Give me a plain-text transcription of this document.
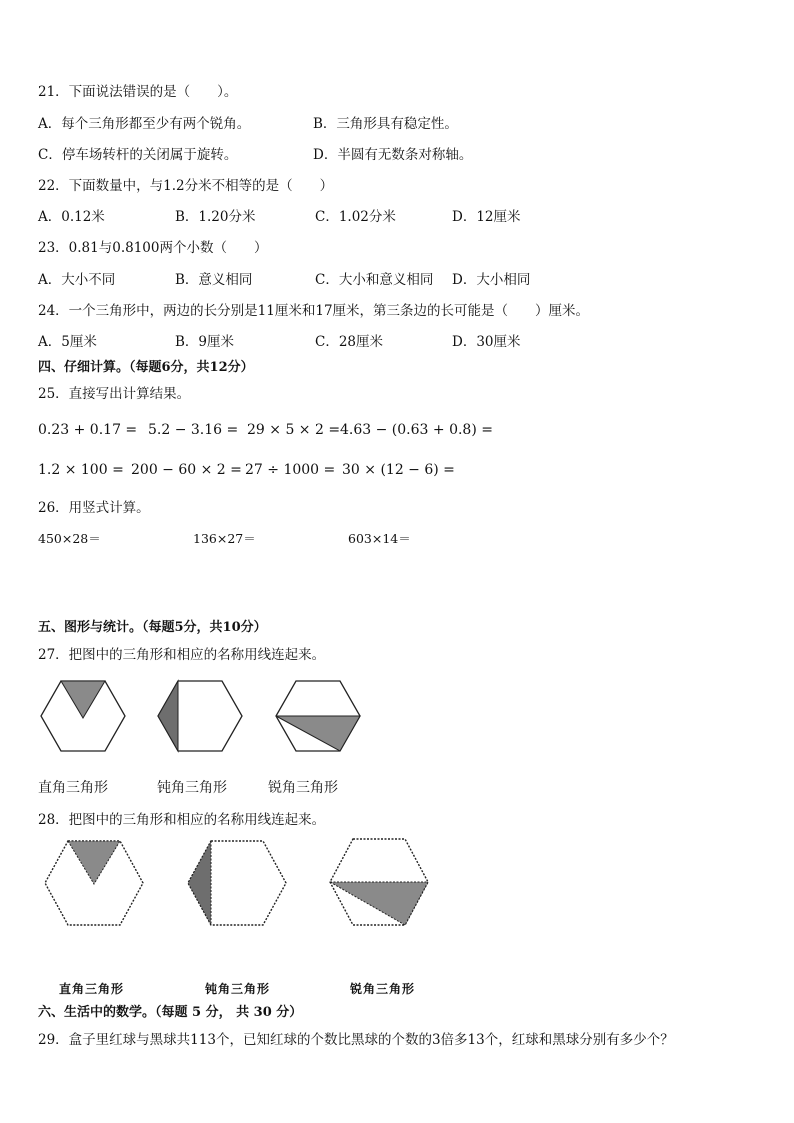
21．下面说法错误的是（　　）。
A．每个三角形都至少有两个锐角。	B．三角形具有稳定性。
C．停车场转杆的关闭属于旋转。	D．半圆有无数条对称轴。
22．下面数量中，与1.2分米不相等的是（　　）
A．0.12米	B．1.20分米	C．1.02分米	D．12厘米
23．0.81与0.8100两个小数（　　）
A．大小不同	B．意义相同	C．大小和意义相同 D．大小相同
24．一个三角形中，两边的长分别是11厘米和17厘米，第三条边的长可能是（　　）厘米。
A．5厘米	B．9厘米	C．28厘米	D．30厘米
四、仔细计算。（每题6分，共12分）
25．直接写出计算结果。
0.23 + 0.17 = 5.2 − 3.16 = 29 × 5 × 2 = 4.63 − (0.63 + 0.8) =
1.2 × 100 = 200 − 60 × 2 = 27 ÷ 1000 = 30 × (12 − 6) =
26．用竖式计算。
450×28＝	136×27＝	603×14＝
五、图形与统计。（每题5分，共10分）
27．把图中的三角形和相应的名称用线连起来。
直角三角形	钝角三角形	锐角三角形
28．把图中的三角形和相应的名称用线连起来。
直角三角形	钝角三角形	锐角三角形
六、生活中的数学。（每题 5 分， 共 30 分）
29．盒子里红球与黑球共113个，已知红球的个数比黑球的个数的3倍多13个，红球和黑球分别有多少个？
